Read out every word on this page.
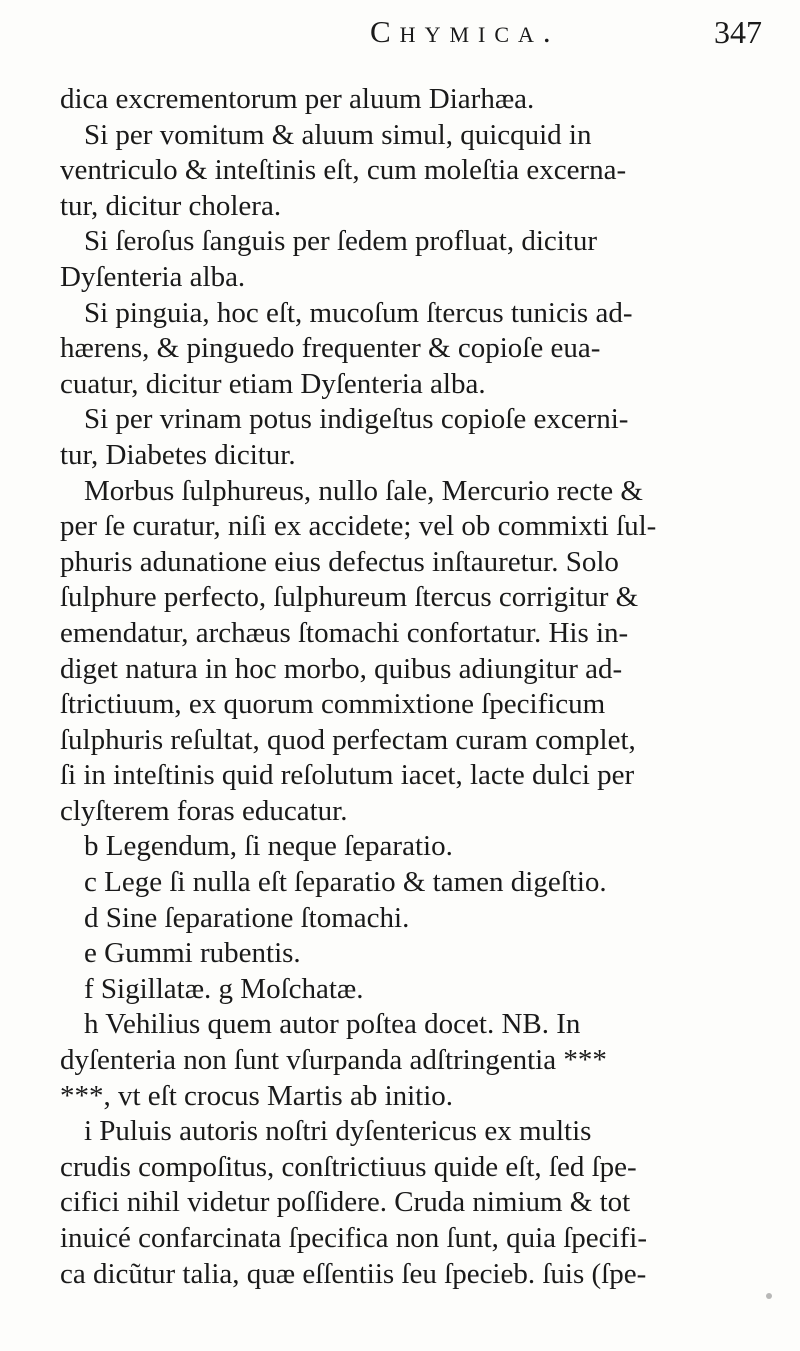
Chymica.	347
dica excrementorum per aluum Diarhæa.
Si per vomitum & aluum simul, quicquid in
ventriculo & inteſtinis eſt, cum moleſtia excerna-
tur, dicitur cholera.
Si ſeroſus ſanguis per ſedem profluat, dicitur
Dyſenteria alba.
Si pinguia, hoc eſt, mucoſum ſtercus tunicis ad-
hærens, & pinguedo frequenter & copioſe eua-
cuatur, dicitur etiam Dyſenteria alba.
Si per vrinam potus indigeſtus copioſe excerni-
tur, Diabetes dicitur.
Morbus ſulphureus, nullo ſale, Mercurio recte &
per ſe curatur, niſi ex accidete; vel ob commixti ſul-
phuris adunatione eius defectus inſtauretur. Solo
ſulphure perfecto, ſulphureum ſtercus corrigitur &
emendatur, archæus ſtomachi confortatur. His in-
diget natura in hoc morbo, quibus adiungitur ad-
ſtrictiuum, ex quorum commixtione ſpecificum
ſulphuris reſultat, quod perfectam curam complet,
ſi in inteſtinis quid reſolutum iacet, lacte dulci per
clyſterem foras educatur.
b Legendum, ſi neque ſeparatio.
c Lege ſi nulla eſt ſeparatio & tamen digeſtio.
d Sine ſeparatione ſtomachi.
e Gummi rubentis.
f Sigillatæ. g Moſchatæ.
h Vehilius quem autor poſtea docet. NB. In
dyſenteria non ſunt vſurpanda adſtringentia ***
***, vt eſt crocus Martis ab initio.
i Puluis autoris noſtri dyſentericus ex multis
crudis compoſitus, conſtrictiuus quide eſt, ſed ſpe-
cifici nihil videtur poſſidere. Cruda nimium & tot
inuicé confarcinata ſpecifica non ſunt, quia ſpecifi-
ca dicũtur talia, quæ eſſentiis ſeu ſpecieb. ſuis (ſpe-
